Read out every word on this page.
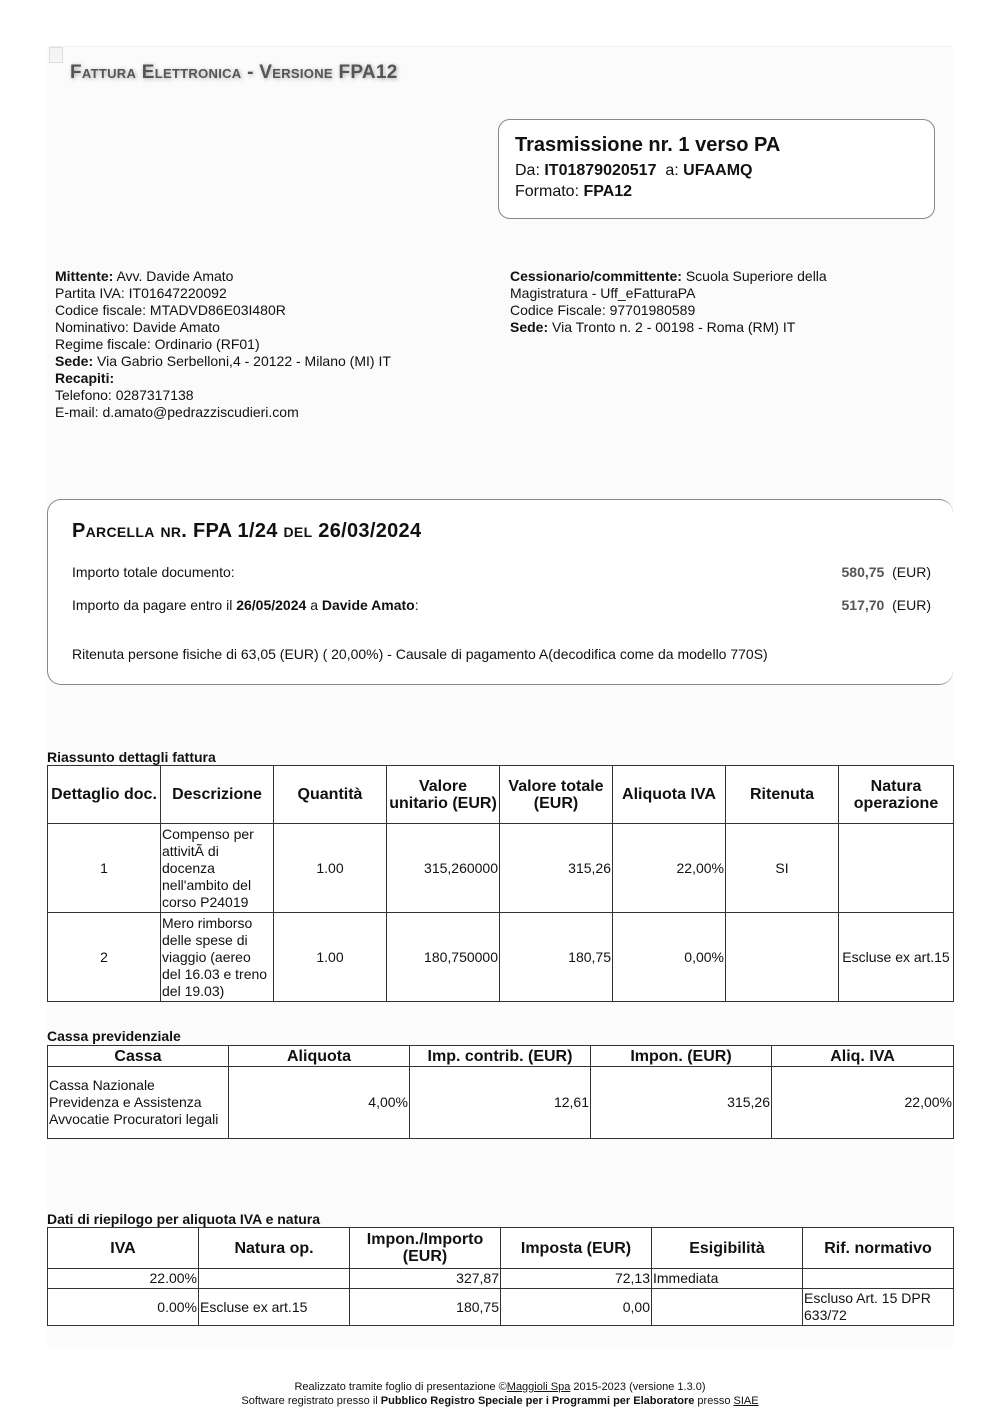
Fattura Elettronica - Versione FPA12
Trasmissione nr. 1 verso PA
Da: IT01879020517 a: UFAAMQ
Formato: FPA12
Mittente: Avv. Davide Amato
Partita IVA: IT01647220092
Codice fiscale: MTADVD86E03I480R
Nominativo: Davide Amato
Regime fiscale: Ordinario (RF01)
Sede: Via Gabrio Serbelloni,4 - 20122 - Milano (MI) IT
Recapiti:
Telefono: 0287317138
E-mail: d.amato@pedrazziscudieri.com
Cessionario/committente: Scuola Superiore della
Magistratura - Uff_eFatturaPA
Codice Fiscale: 97701980589
Sede: Via Tronto n. 2 - 00198 - Roma (RM) IT
Parcella nr. FPA 1/24 del 26/03/2024
Importo totale documento:	580,75 (EUR)
Importo da pagare entro il 26/05/2024 a Davide Amato:	517,70 (EUR)
Ritenuta persone fisiche di 63,05 (EUR) ( 20,00%) - Causale di pagamento A(decodifica come da modello 770S)
Riassunto dettagli fattura
Dettaglio doc.	Descrizione	Quantità	Valore unitario (EUR)	Valore totale (EUR)	Aliquota IVA	Ritenuta	Natura operazione
1	Compenso per attivitÃ di docenza nell'ambito del corso P24019	1.00	315,260000	315,26	22,00%	SI	
2	Mero rimborso delle spese di viaggio (aereo del 16.03 e treno del 19.03)	1.00	180,750000	180,75	0,00%		Escluse ex art.15
Cassa previdenziale
Cassa	Aliquota	Imp. contrib. (EUR)	Impon. (EUR)	Aliq. IVA
Cassa Nazionale Previdenza e Assistenza Avvocatie Procuratori legali	4,00%	12,61	315,26	22,00%
Dati di riepilogo per aliquota IVA e natura
IVA	Natura op.	Impon./Importo (EUR)	Imposta (EUR)	Esigibilità	Rif. normativo
22.00%		327,87	72,13	Immediata	
0.00%	Escluse ex art.15	180,75	0,00		Escluso Art. 15 DPR 633/72
Realizzato tramite foglio di presentazione ©Maggioli Spa 2015-2023 (versione 1.3.0)
Software registrato presso il Pubblico Registro Speciale per i Programmi per Elaboratore presso SIAE
